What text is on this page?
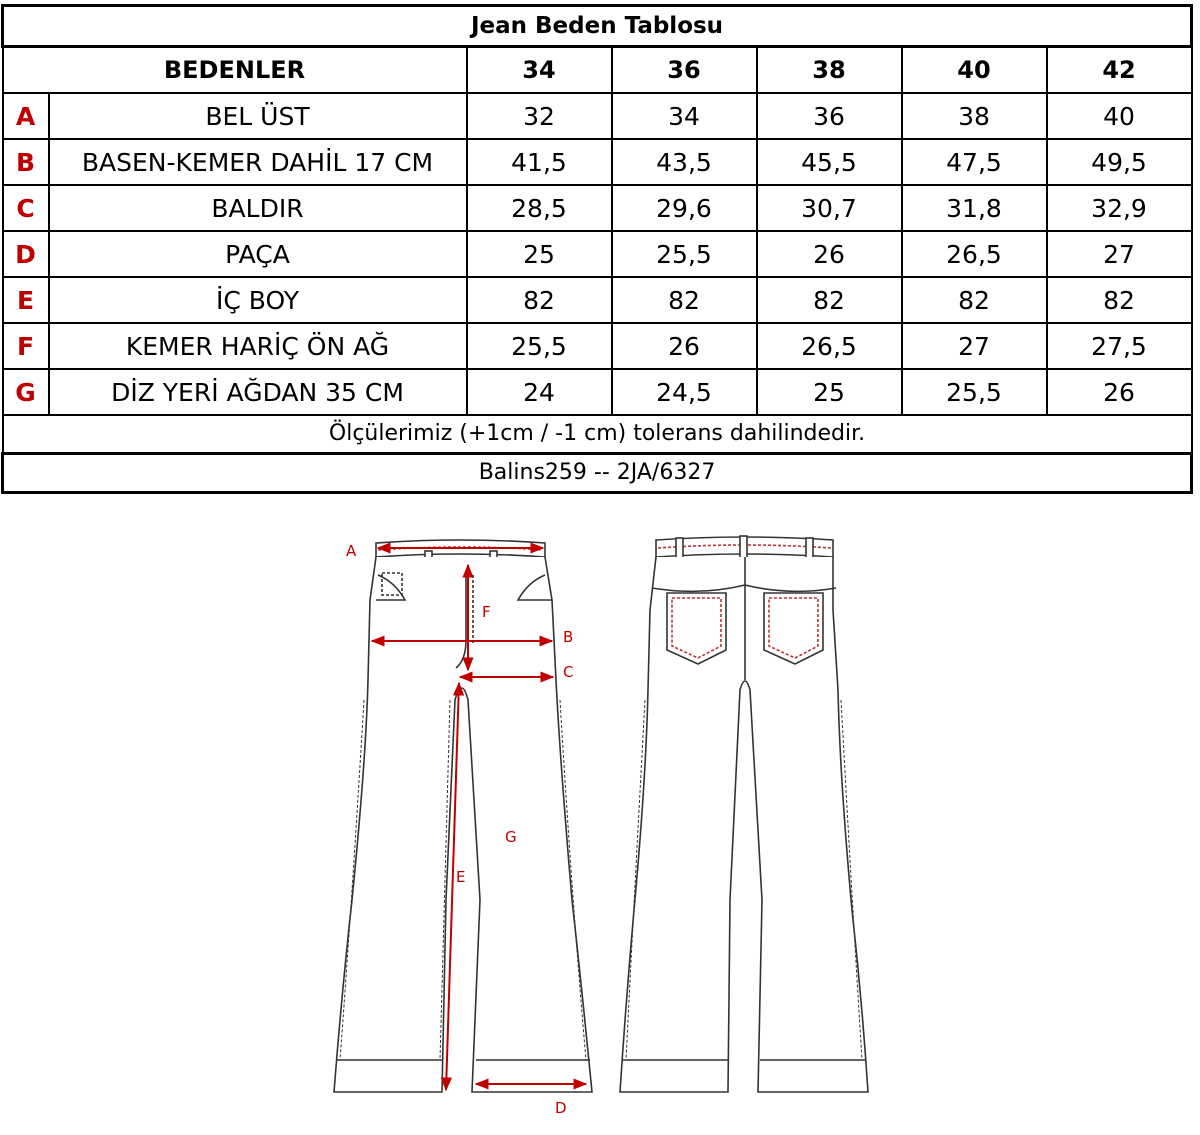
Jean Beden Tablosu						
BEDENLER		34	36	38	40	42
A	BEL ÜST	32	34	36	38	40
B	BASEN-KEMER DAHİL 17 CM	41,5	43,5	45,5	47,5	49,5
C	BALDIR	28,5	29,6	30,7	31,8	32,9
D	PAÇA	25	25,5	26	26,5	27
E	İÇ BOY	82	82	82	82	82
F	KEMER HARİÇ ÖN AĞ	25,5	26	26,5	27	27,5
G	DİZ YERİ AĞDAN 35 CM	24	24,5	25	25,5	26
Ölçülerimiz (+1cm / -1 cm) tolerans dahilindedir.						
Balins259 -- 2JA/6327						
A
F
B
C
G
E
D
